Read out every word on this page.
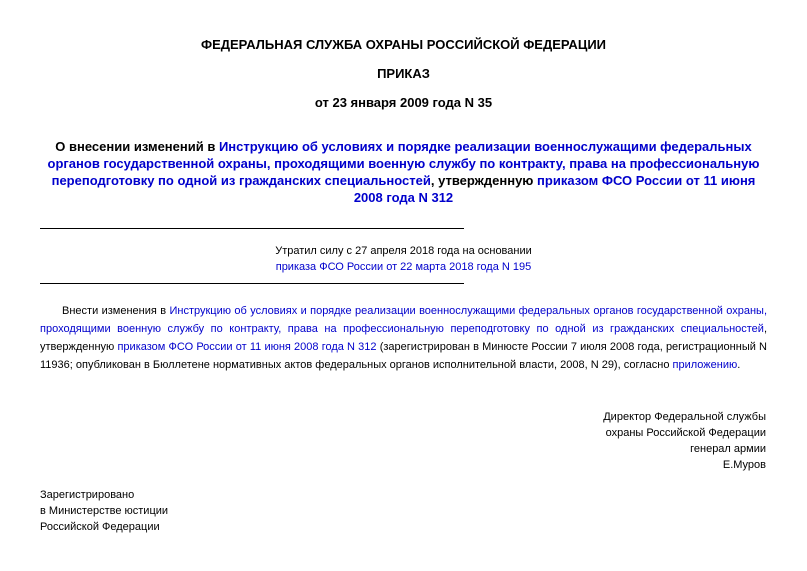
ФЕДЕРАЛЬНАЯ СЛУЖБА ОХРАНЫ РОССИЙСКОЙ ФЕДЕРАЦИИ
ПРИКАЗ
от 23 января 2009 года N 35
О внесении изменений в Инструкцию об условиях и порядке реализации военнослужащими федеральных органов государственной охраны, проходящими военную службу по контракту, права на профессиональную переподготовку по одной из гражданских специальностей, утвержденную приказом ФСО России от 11 июня 2008 года N 312
Утратил силу с 27 апреля 2018 года на основании
приказа ФСО России от 22 марта 2018 года N 195
Внести изменения в Инструкцию об условиях и порядке реализации военнослужащими федеральных органов государственной охраны, проходящими военную службу по контракту, права на профессиональную переподготовку по одной из гражданских специальностей, утвержденную приказом ФСО России от 11 июня 2008 года N 312 (зарегистрирован в Минюсте России 7 июля 2008 года, регистрационный N 11936; опубликован в Бюллетене нормативных актов федеральных органов исполнительной власти, 2008, N 29), согласно приложению.
Директор Федеральной службы
охраны Российской Федерации
генерал армии
Е.Муров
Зарегистрировано
в Министерстве юстиции
Российской Федерации
